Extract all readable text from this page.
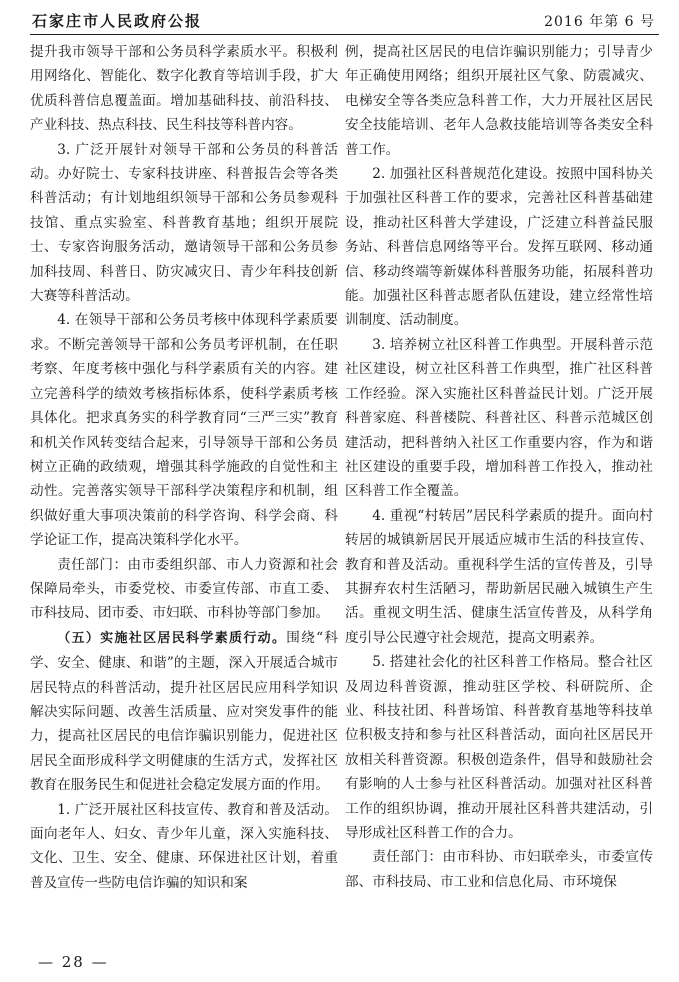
石家庄市人民政府公报	2016 年第 6 号

提升我市领导干部和公务员科学素质水平。积极利用网络化、智能化、数字化教育等培训手段，扩大优质科普信息覆盖面。增加基础科技、前沿科技、产业科技、热点科技、民生科技等科普内容。

3. 广泛开展针对领导干部和公务员的科普活动。办好院士、专家科技讲座、科普报告会等各类科普活动；有计划地组织领导干部和公务员参观科技馆、重点实验室、科普教育基地；组织开展院士、专家咨询服务活动，邀请领导干部和公务员参加科技周、科普日、防灾减灾日、青少年科技创新大赛等科普活动。

4. 在领导干部和公务员考核中体现科学素质要求。不断完善领导干部和公务员考评机制，在任职考察、年度考核中强化与科学素质有关的内容。建立完善科学的绩效考核指标体系，使科学素质考核具体化。把求真务实的科学教育同“三严三实”教育和机关作风转变结合起来，引导领导干部和公务员树立正确的政绩观，增强其科学施政的自觉性和主动性。完善落实领导干部科学决策程序和机制，组织做好重大事项决策前的科学咨询、科学会商、科学论证工作，提高决策科学化水平。

责任部门：由市委组织部、市人力资源和社会保障局牵头，市委党校、市委宣传部、市直工委、市科技局、团市委、市妇联、市科协等部门参加。

（五）实施社区居民科学素质行动。围绕“科学、安全、健康、和谐”的主题，深入开展适合城市居民特点的科普活动，提升社区居民应用科学知识解决实际问题、改善生活质量、应对突发事件的能力，提高社区居民的电信诈骗识别能力，促进社区居民全面形成科学文明健康的生活方式，发挥社区教育在服务民生和促进社会稳定发展方面的作用。

1. 广泛开展社区科技宣传、教育和普及活动。面向老年人、妇女、青少年儿童，深入实施科技、文化、卫生、安全、健康、环保进社区计划，着重普及宣传一些防电信诈骗的知识和案

例，提高社区居民的电信诈骗识别能力；引导青少年正确使用网络；组织开展社区气象、防震减灾、电梯安全等各类应急科普工作，大力开展社区居民安全技能培训、老年人急救技能培训等各类安全科普工作。

2. 加强社区科普规范化建设。按照中国科协关于加强社区科普工作的要求，完善社区科普基础建设，推动社区科普大学建设，广泛建立科普益民服务站、科普信息网络等平台。发挥互联网、移动通信、移动终端等新媒体科普服务功能，拓展科普功能。加强社区科普志愿者队伍建设，建立经常性培训制度、活动制度。

3. 培养树立社区科普工作典型。开展科普示范社区建设，树立社区科普工作典型，推广社区科普工作经验。深入实施社区科普益民计划。广泛开展科普家庭、科普楼院、科普社区、科普示范城区创建活动，把科普纳入社区工作重要内容，作为和谐社区建设的重要手段，增加科普工作投入，推动社区科普工作全覆盖。

4. 重视“村转居”居民科学素质的提升。面向村转居的城镇新居民开展适应城市生活的科技宣传、教育和普及活动。重视科学生活的宣传普及，引导其摒弃农村生活陋习，帮助新居民融入城镇生产生活。重视文明生活、健康生活宣传普及，从科学角度引导公民遵守社会规范，提高文明素养。

5. 搭建社会化的社区科普工作格局。整合社区及周边科普资源，推动驻区学校、科研院所、企业、科技社团、科普场馆、科普教育基地等科技单位积极支持和参与社区科普活动，面向社区居民开放相关科普资源。积极创造条件，倡导和鼓励社会有影响的人士参与社区科普活动。加强对社区科普工作的组织协调，推动开展社区科普共建活动，引导形成社区科普工作的合力。

责任部门：由市科协、市妇联牵头，市委宣传部、市科技局、市工业和信息化局、市环境保

— 28 —
